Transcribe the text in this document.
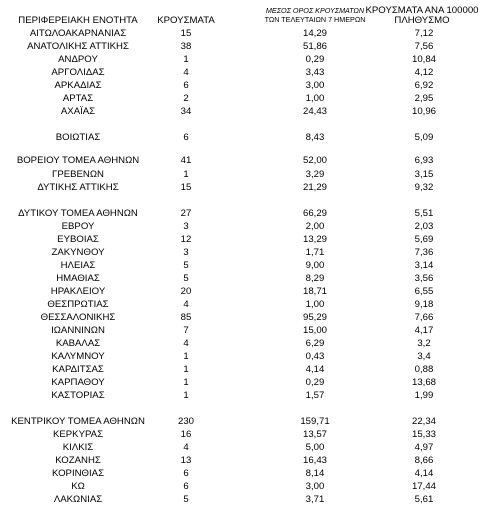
ΠΕΡΙΦΕΡΕΙΑΚΗ ΕΝΟΤΗΤΑ	ΚΡΟΥΣΜΑΤΑ
ΜΕΣΟΣ ΟΡΟΣ ΚΡΟΥΣΜΑΤΩΝ
ΤΩΝ ΤΕΛΕΥΤΑΙΩΝ 7 ΗΜΕΡΩΝ
ΚΡΟΥΣΜΑΤΑ ΑΝΑ 100000
ΠΛΗΘΥΣΜΟ
ΑΙΤΩΛΟΑΚΑΡΝΑΝΙΑΣ	15	14,29	7,12
ΑΝΑΤΟΛΙΚΗΣ ΑΤΤΙΚΗΣ	38	51,86	7,56
ΑΝΔΡΟΥ	1	0,29	10,84
ΑΡΓΟΛΙΔΑΣ	4	3,43	4,12
ΑΡΚΑΔΙΑΣ	6	3,00	6,92
ΑΡΤΑΣ	2	1,00	2,95
ΑΧΑΪΑΣ	34	24,43	10,96
ΒΟΙΩΤΙΑΣ	6	8,43	5,09
ΒΟΡΕΙΟΥ ΤΟΜΕΑ ΑΘΗΝΩΝ	41	52,00	6,93
ΓΡΕΒΕΝΩΝ	1	3,29	3,15
ΔΥΤΙΚΗΣ ΑΤΤΙΚΗΣ	15	21,29	9,32
ΔΥΤΙΚΟΥ ΤΟΜΕΑ ΑΘΗΝΩΝ	27	66,29	5,51
ΕΒΡΟΥ	3	2,00	2,03
ΕΥΒΟΙΑΣ	12	13,29	5,69
ΖΑΚΥΝΘΟΥ	3	1,71	7,36
ΗΛΕΙΑΣ	5	9,00	3,14
ΗΜΑΘΙΑΣ	5	8,29	3,56
ΗΡΑΚΛΕΙΟΥ	20	18,71	6,55
ΘΕΣΠΡΩΤΙΑΣ	4	1,00	9,18
ΘΕΣΣΑΛΟΝΙΚΗΣ	85	95,29	7,66
ΙΩΑΝΝΙΝΩΝ	7	15,00	4,17
ΚΑΒΑΛΑΣ	4	6,29	3,2
ΚΑΛΥΜΝΟΥ	1	0,43	3,4
ΚΑΡΔΙΤΣΑΣ	1	4,14	0,88
ΚΑΡΠΑΘΟΥ	1	0,29	13,68
ΚΑΣΤΟΡΙΑΣ	1	1,57	1,99
ΚΕΝΤΡΙΚΟΥ ΤΟΜΕΑ ΑΘΗΝΩΝ	230	159,71	22,34
ΚΕΡΚΥΡΑΣ	16	13,57	15,33
ΚΙΛΚΙΣ	4	5,00	4,97
ΚΟΖΑΝΗΣ	13	16,43	8,66
ΚΟΡΙΝΘΙΑΣ	6	8,14	4,14
ΚΩ	6	3,00	17,44
ΛΑΚΩΝΙΑΣ	5	3,71	5,61
